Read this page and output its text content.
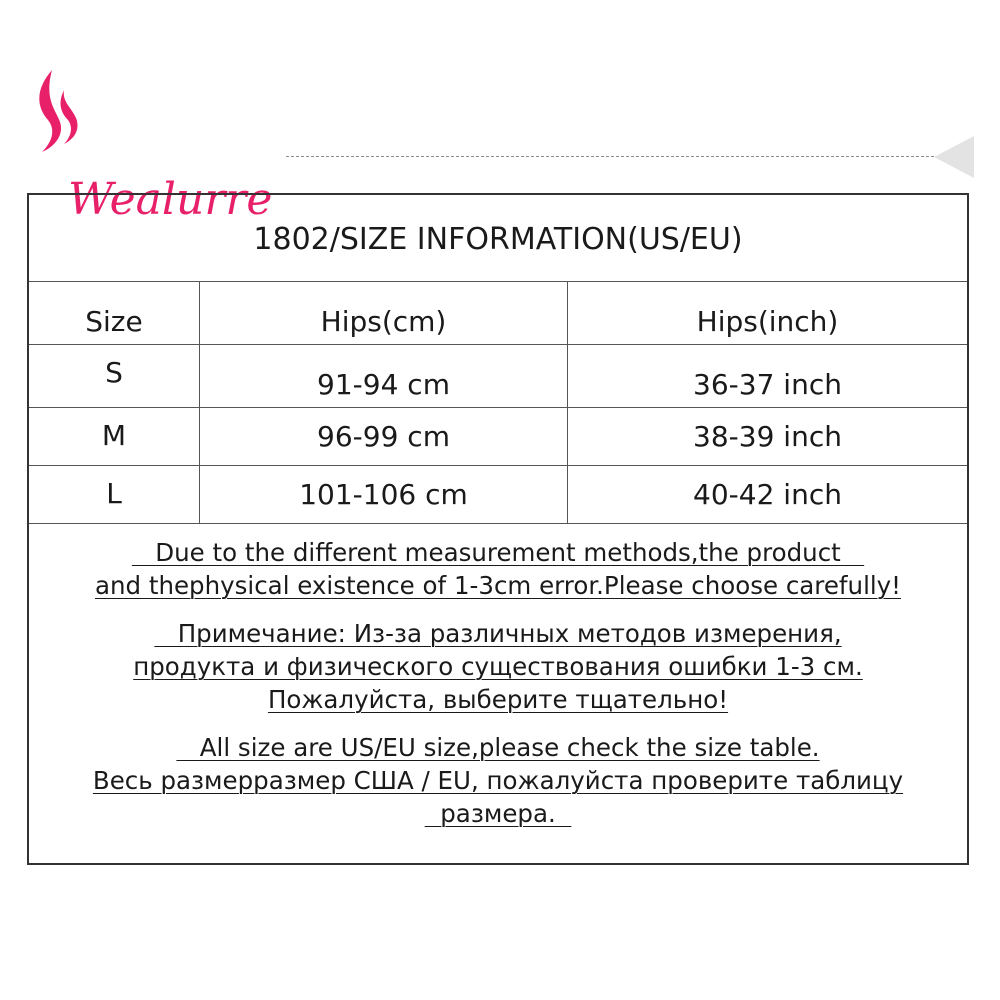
Wealurre
1802/SIZE INFORMATION(US/EU)
Size	Hips(cm)	Hips(inch)
S	91-94 cm	36-37 inch
M	96-99 cm	38-39 inch
L	101-106 cm	40-42 inch
Due to the different measurement methods,the product
and thephysical existence of 1-3cm error.Please choose carefully!
Примечание: Из-за различных методов измерения,
продукта и физического существования ошибки 1-3 см.
Пожалуйста, выберите тщательно!
All size are US/EU size,please check the size table.
Весь размерразмер США / EU, пожалуйста проверите таблицу
размера.
